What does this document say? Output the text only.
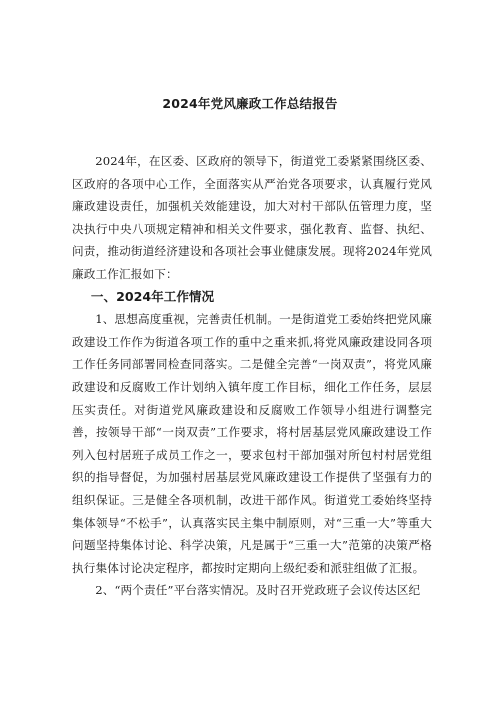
2024年党风廉政工作总结报告

2024年，在区委、区政府的领导下，街道党工委紧紧围绕区委、区政府的各项中心工作，全面落实从严治党各项要求，认真履行党风廉政建设责任，加强机关效能建设，加大对村干部队伍管理力度，坚决执行中央八项规定精神和相关文件要求，强化教育、监督、执纪、问责，推动街道经济建设和各项社会事业健康发展。现将2024年党风廉政工作汇报如下：

一、2024年工作情况

1、思想高度重视，完善责任机制。一是街道党工委始终把党风廉政建设工作作为街道各项工作的重中之重来抓,将党风廉政建设同各项工作任务同部署同检查同落实。二是健全完善“一岗双责”，将党风廉政建设和反腐败工作计划纳入镇年度工作目标，细化工作任务，层层压实责任。对街道党风廉政建设和反腐败工作领导小组进行调整完善，按领导干部“一岗双责”工作要求，将村居基层党风廉政建设工作列入包村居班子成员工作之一，要求包村干部加强对所包村村居党组织的指导督促，为加强村居基层党风廉政建设工作提供了坚强有力的组织保证。三是健全各项机制，改进干部作风。街道党工委始终坚持集体领导“不松手”，认真落实民主集中制原则，对“三重一大”等重大问题坚持集体讨论、科学决策，凡是属于“三重一大”范第的决策严格执行集体讨论决定程序，都按时定期向上级纪委和派驻组做了汇报。

2、“两个责任”平台落实情况。及时召开党政班子会议传达区纪
